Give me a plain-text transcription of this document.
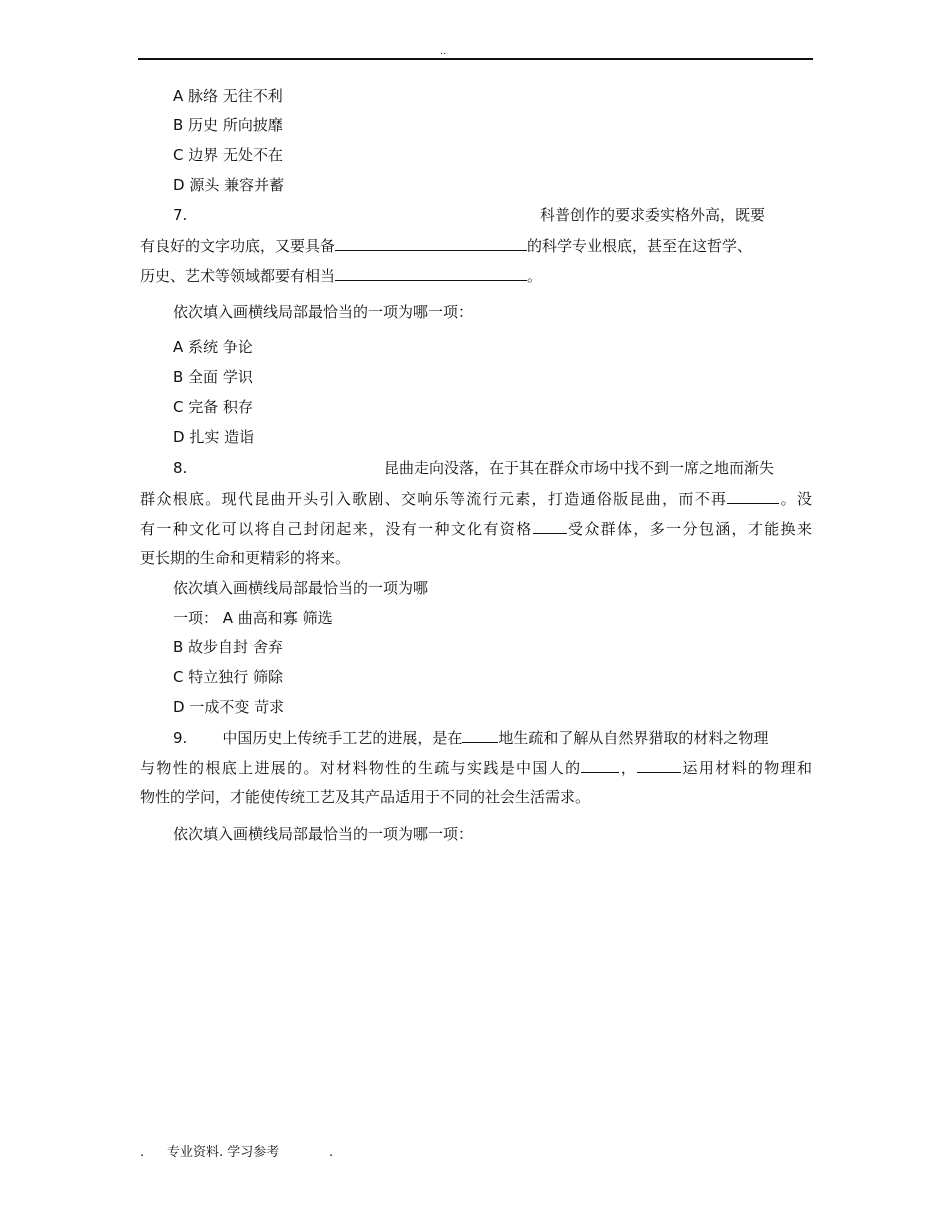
..
A 脉络 无往不利
B 历史 所向披靡
C 边界 无处不在
D 源头 兼容并蓄
7.	科普创作的要求委实格外高，既要
有良好的文字功底，又要具备	的科学专业根底，甚至在这哲学、
历史、艺术等领域都要有相当	。
依次填入画横线局部最恰当的一项为哪一项：
A 系统 争论
B 全面 学识
C 完备 积存
D 扎实 造诣
8.	昆曲走向没落，在于其在群众市场中找不到一席之地而渐失
群众根底。现代昆曲开头引入歌剧、交响乐等流行元素，打造通俗版昆曲，而不再	。没
有一种文化可以将自己封闭起来，没有一种文化有资格 受众群体，多一分包涵，才能换来
更长期的生命和更精彩的将来。
依次填入画横线局部最恰当的一项为哪
一项： A 曲高和寡 筛选
B 故步自封 舍弃
C 特立独行 筛除
D 一成不变 苛求
9. 中国历史上传统手工艺的进展，是在 地生疏和了解从自然界猎取的材料之物理
与物性的根底上进展的。对材料物性的生疏与实践是中国人的	，	运用材料的物理和
物性的学问，才能使传统工艺及其产品适用于不同的社会生活需求。
依次填入画横线局部最恰当的一项为哪一项：
. 专业资料. 学习参考	.
